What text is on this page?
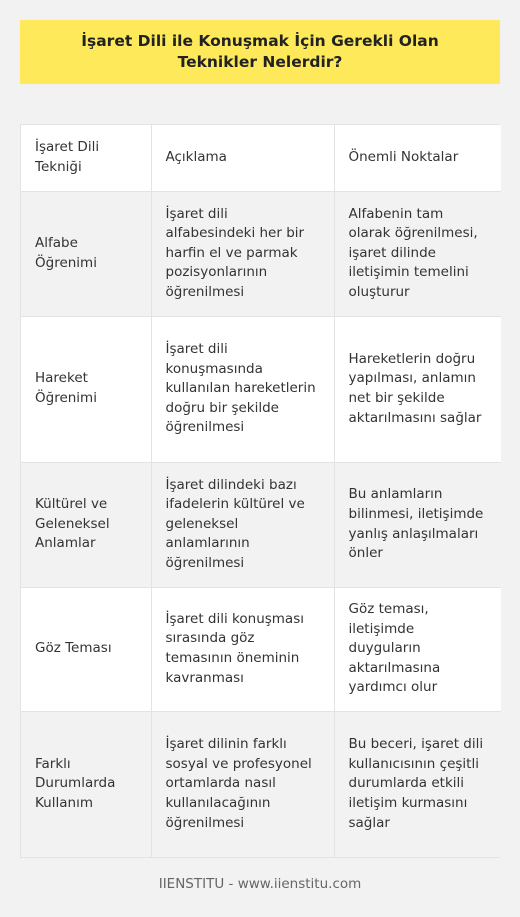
İşaret Dili ile Konuşmak İçin Gerekli Olan Teknikler Nelerdir?
İşaret Dili Tekniği	Açıklama	Önemli Noktalar
Alfabe Öğrenimi	İşaret dili alfabesindeki her bir harfin el ve parmak pozisyonlarının öğrenilmesi	Alfabenin tam olarak öğrenilmesi, işaret dilinde iletişimin temelini oluşturur
Hareket Öğrenimi	İşaret dili konuşmasında kullanılan hareketlerin doğru bir şekilde öğrenilmesi	Hareketlerin doğru yapılması, anlamın net bir şekilde aktarılmasını sağlar
Kültürel ve Geleneksel Anlamlar	İşaret dilindeki bazı ifadelerin kültürel ve geleneksel anlamlarının öğrenilmesi	Bu anlamların bilinmesi, iletişimde yanlış anlaşılmaları önler
Göz Teması	İşaret dili konuşması sırasında göz temasının öneminin kavranması	Göz teması, iletişimde duyguların aktarılmasına yardımcı olur
Farklı Durumlarda Kullanım	İşaret dilinin farklı sosyal ve profesyonel ortamlarda nasıl kullanılacağının öğrenilmesi	Bu beceri, işaret dili kullanıcısının çeşitli durumlarda etkili iletişim kurmasını sağlar
IIENSTITU - www.iienstitu.com
